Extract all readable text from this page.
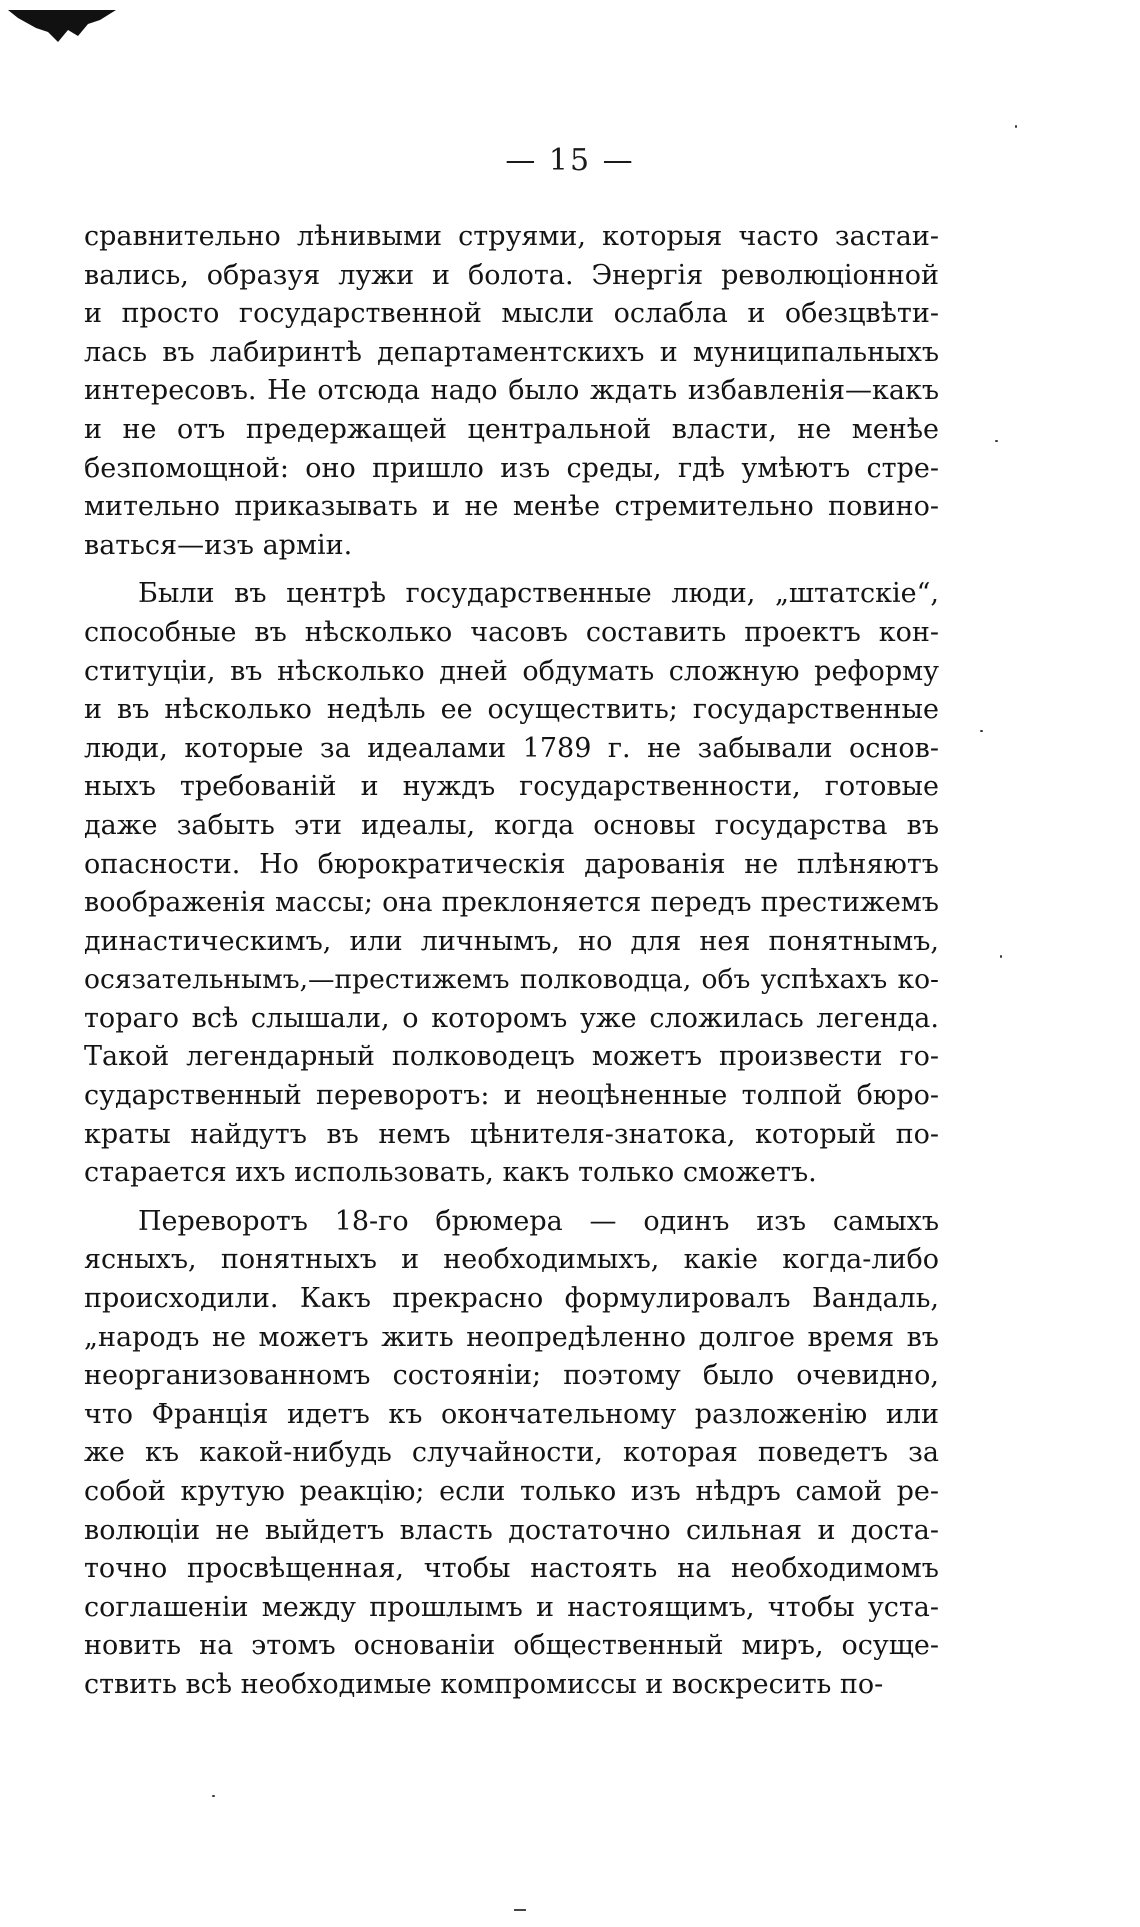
— 15 —
сравнительно лѣнивыми струями, которыя часто застаи-
вались, образуя лужи и болота. Энергія революціонной
и просто государственной мысли ослабла и обезцвѣти-
лась въ лабиринтѣ департаментскихъ и муниципальныхъ
интересовъ. Не отсюда надо было ждать избавленія—какъ
и не отъ предержащей центральной власти, не менѣе
безпомощной: оно пришло изъ среды, гдѣ умѣютъ стре-
мительно приказывать и не менѣе стремительно повино-
ваться—изъ арміи.
Были въ центрѣ государственные люди, „штатскіе“,
способные въ нѣсколько часовъ составить проектъ кон-
ституціи, въ нѣсколько дней обдумать сложную реформу
и въ нѣсколько недѣль ее осуществить; государственные
люди, которые за идеалами 1789 г. не забывали основ-
ныхъ требованій и нуждъ государственности, готовые
даже забыть эти идеалы, когда основы государства въ
опасности. Но бюрократическія дарованія не плѣняютъ
воображенія массы; она преклоняется передъ престижемъ
династическимъ, или личнымъ, но для нея понятнымъ,
осязательнымъ,—престижемъ полководца, объ успѣхахъ ко-
тораго всѣ слышали, о которомъ уже сложилась легенда.
Такой легендарный полководецъ можетъ произвести го-
сударственный переворотъ: и неоцѣненные толпой бюро-
краты найдутъ въ немъ цѣнителя-знатока, который по-
старается ихъ использовать, какъ только сможетъ.
Переворотъ 18-го брюмера — одинъ изъ самыхъ
ясныхъ, понятныхъ и необходимыхъ, какіе когда-либо
происходили. Какъ прекрасно формулировалъ Вандаль,
„народъ не можетъ жить неопредѣленно долгое время въ
неорганизованномъ состояніи; поэтому было очевидно,
что Франція идетъ къ окончательному разложенію или
же къ какой-нибудь случайности, которая поведетъ за
собой крутую реакцію; если только изъ нѣдръ самой ре-
волюціи не выйдетъ власть достаточно сильная и доста-
точно просвѣщенная, чтобы настоять на необходимомъ
соглашеніи между прошлымъ и настоящимъ, чтобы уста-
новить на этомъ основаніи общественный миръ, осуще-
ствить всѣ необходимые компромиссы и воскресить по-
